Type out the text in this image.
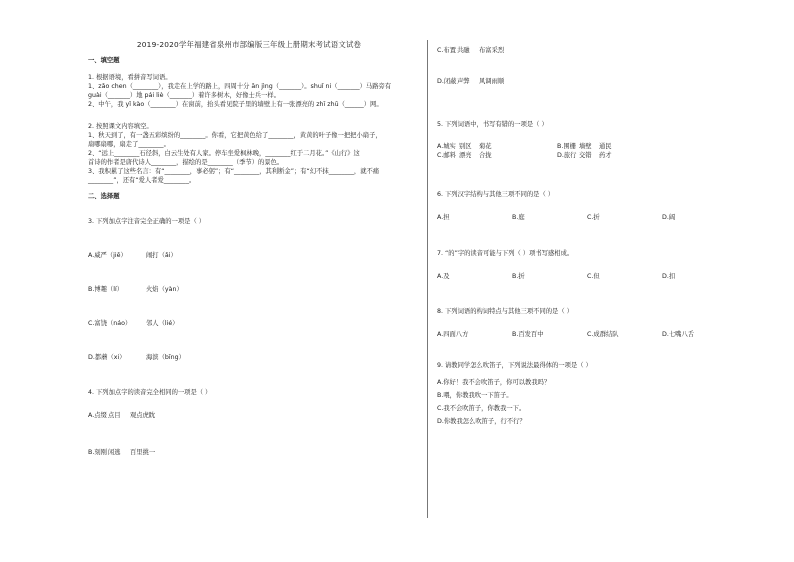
2019-2020学年福建省泉州市部编版三年级上册期末考试语文试卷
一、填空题

1. 根据语境，看拼音写词语。

1、zǎo chen（________），我走在上学的路上，四周十分 ān jìng（_______）。shuǐ ni（_______）马路旁有

guài（_______）地 pái liè（_______）着许多树木，好像士兵一样。

2、中午，我 yǐ kào（________）在窗前，抬头看见院子里的墙壁上有一张漂亮的 zhī zhū（______）网。

2. 按照课文内容填空。

1、秋天到了，有一盏五彩缤纷的________。你看，它把黄色给了________，黄黄的叶子像一把把小扇子，

扇哪扇哪，扇走了________。

2、“远上________石径斜，白云生处有人家。停车坐爱枫林晚，________红于二月花。”《山行》这

首诗的作者是唐代诗人________，描绘的是________（季节）的景色。

3、我积累了这些名言：有“________，事必躬”；有“________，其利断金”；有“幻不抹________，就不痛

________”，还有“爱人者爱________。

二、选择题

3. 下列加点字注音完全正确的一项是（ ）

A.威严（jiē）	闹打（ǎi）
B.博趣（lí）	火焰（yàn）
C.富饶（náo）	邻人（lié）
D.都蘑（xi）	海滨（bīng）

4. 下列加点字的读音完全相同的一项是（ ）

A.点缀 点目	观点虎眈
B.刻刚 闲逃	百里挑一
C.布置 共融	布富采烈
D.闭蔽 声弊	风调雨顺

5. 下列词语中，书写有错的一项是（ ）

A.城实 别区	菊花	B.围栅 墙壁	通民
C.邮料 漂亮	合拢	D.旅行 交错	药才

6. 下列汉字结构与其他三项不同的是（ ）

A.担	B.庭	C.折	D.阔

7. “的”字的读音可能与下列（ ）项书写感相成。

A.及	B.折	C.但	D.扣

8. 下列词语的构词特点与其他三项不同的是（ ）

A.四面八方	B.百发百中	C.成群结队	D.七嘴八舌

9. 请教同学怎么吹笛子，下列说法最得体的一项是（ ）

A.你好！我不会吹笛子，你可以教我吗？

B.喂，你教我吹一下笛子。

C.我不会吹笛子，你教我一下。

D.你教我怎么吹笛子，行不行？
